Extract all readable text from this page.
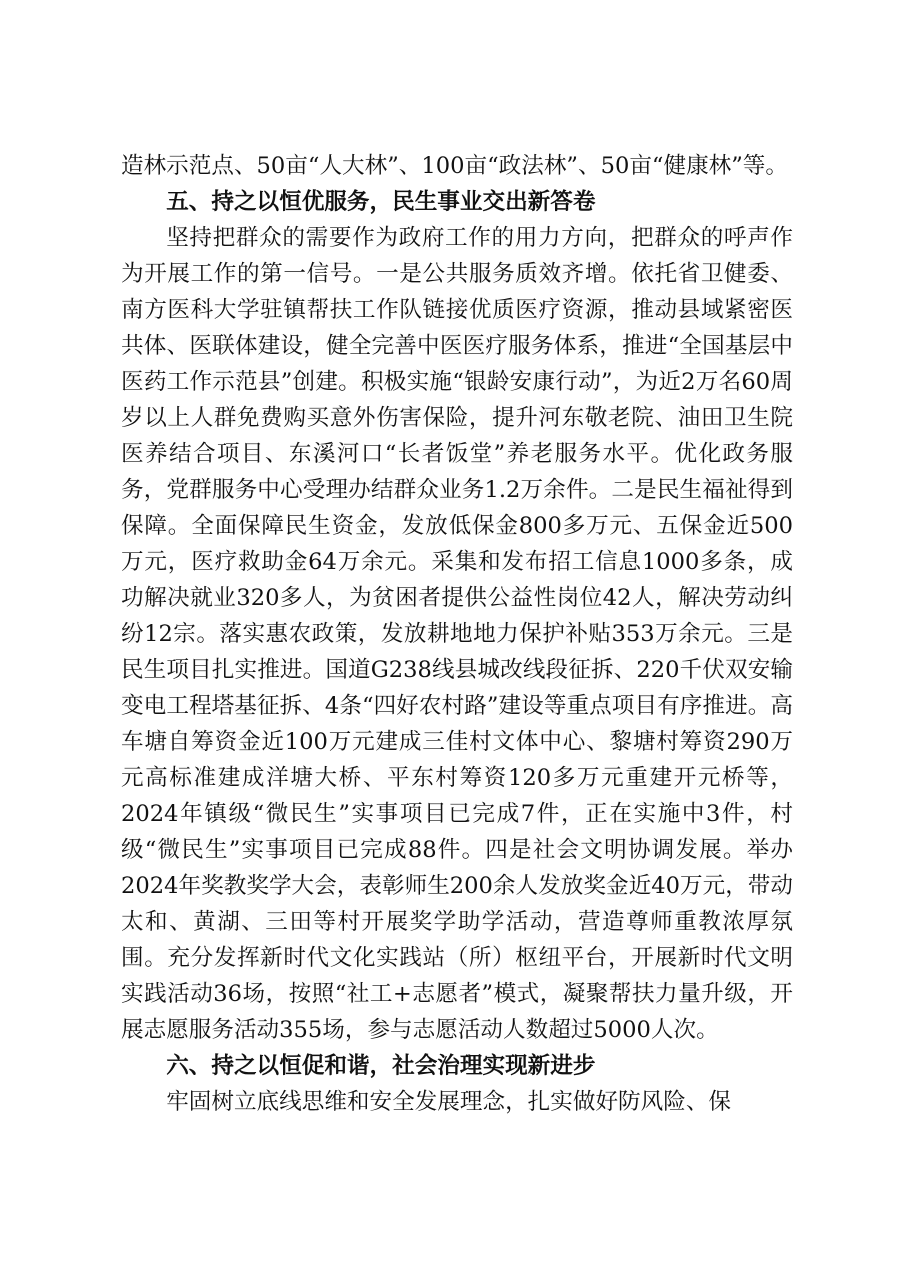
造林示范点、50亩“人大林”、100亩“政法林”、50亩“健康林”等。

五、持之以恒优服务，民生事业交出新答卷

坚持把群众的需要作为政府工作的用力方向，把群众的呼声作为开展工作的第一信号。一是公共服务质效齐增。依托省卫健委、南方医科大学驻镇帮扶工作队链接优质医疗资源，推动县域紧密医共体、医联体建设，健全完善中医医疗服务体系，推进“全国基层中医药工作示范县”创建。积极实施“银龄安康行动”，为近2万名60周岁以上人群免费购买意外伤害保险，提升河东敬老院、油田卫生院医养结合项目、东溪河口“长者饭堂”养老服务水平。优化政务服务，党群服务中心受理办结群众业务1.2万余件。二是民生福祉得到保障。全面保障民生资金，发放低保金800多万元、五保金近500万元，医疗救助金64万余元。采集和发布招工信息1000多条，成功解决就业320多人，为贫困者提供公益性岗位42人，解决劳动纠纷12宗。落实惠农政策，发放耕地地力保护补贴353万余元。三是民生项目扎实推进。国道G238线县城改线段征拆、220千伏双安输变电工程塔基征拆、4条“四好农村路”建设等重点项目有序推进。高车塘自筹资金近100万元建成三佳村文体中心、黎塘村筹资290万元高标准建成洋塘大桥、平东村筹资120多万元重建开元桥等，2024年镇级“微民生”实事项目已完成7件，正在实施中3件，村级“微民生”实事项目已完成88件。四是社会文明协调发展。举办2024年奖教奖学大会，表彰师生200余人发放奖金近40万元，带动太和、黄湖、三田等村开展奖学助学活动，营造尊师重教浓厚氛围。充分发挥新时代文化实践站（所）枢纽平台，开展新时代文明实践活动36场，按照“社工+志愿者”模式，凝聚帮扶力量升级，开展志愿服务活动355场，参与志愿活动人数超过5000人次。

六、持之以恒促和谐，社会治理实现新进步

牢固树立底线思维和安全发展理念，扎实做好防风险、保
